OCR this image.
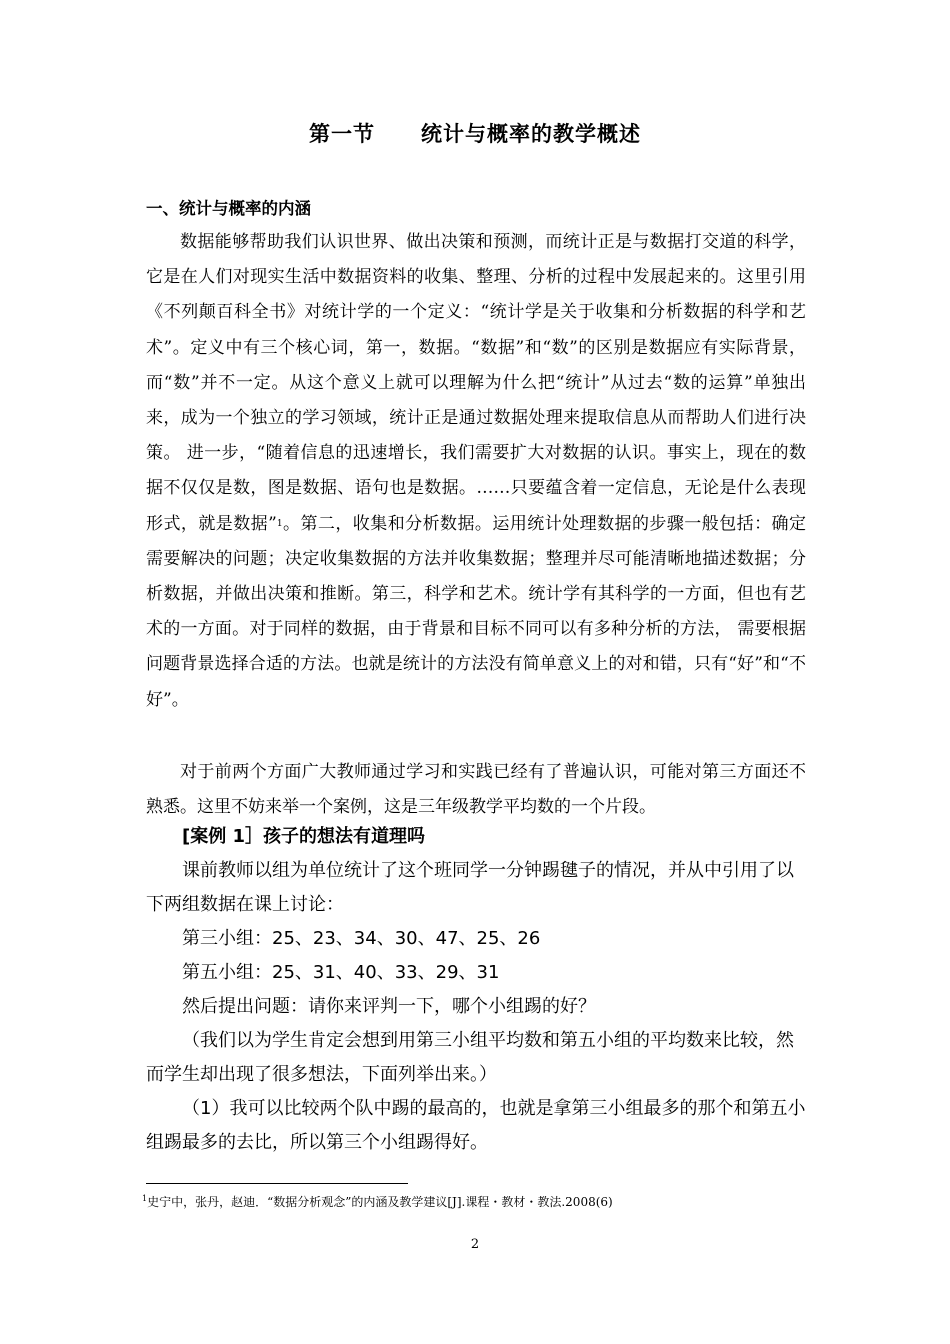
第一节 统计与概率的教学概述
一、统计与概率的内涵

数据能够帮助我们认识世界、做出决策和预测，而统计正是与数据打交道的科学，它是在人们对现实生活中数据资料的收集、整理、分析的过程中发展起来的。这里引用《不列颠百科全书》对统计学的一个定义：“统计学是关于收集和分析数据的科学和艺术”。定义中有三个核心词，第一，数据。“数据”和“数”的区别是数据应有实际背景，而“数”并不一定。从这个意义上就可以理解为什么把“统计”从过去“数的运算”单独出来，成为一个独立的学习领域，统计正是通过数据处理来提取信息从而帮助人们进行决策。 进一步，“随着信息的迅速增长，我们需要扩大对数据的认识。事实上，现在的数据不仅仅是数，图是数据、语句也是数据。……只要蕴含着一定信息，无论是什么表现形式，就是数据”$^1$。第二，收集和分析数据。运用统计处理数据的步骤一般包括：确定需要解决的问题；决定收集数据的方法并收集数据；整理并尽可能清晰地描述数据；分析数据，并做出决策和推断。第三，科学和艺术。统计学有其科学的一方面，但也有艺术的一方面。对于同样的数据，由于背景和目标不同可以有多种分析的方法， 需要根据问题背景选择合适的方法。也就是统计的方法没有简单意义上的对和错，只有“好”和“不好”。

对于前两个方面广大教师通过学习和实践已经有了普遍认识，可能对第三方面还不熟悉。这里不妨来举一个案例，这是三年级教学平均数的一个片段。

[案例 1］孩子的想法有道理吗

课前教师以组为单位统计了这个班同学一分钟踢毽子的情况，并从中引用了以下两组数据在课上讨论：

第三小组：25、23、34、30、47、25、26

第五小组：25、31、40、33、29、31

然后提出问题：请你来评判一下，哪个小组踢的好？

（我们以为学生肯定会想到用第三小组平均数和第五小组的平均数来比较，然而学生却出现了很多想法，下面列举出来。）

（1）我可以比较两个队中踢的最高的，也就是拿第三小组最多的那个和第五小组踢最多的去比，所以第三个小组踢得好。

$^1$史宁中，张丹，赵迪．“数据分析观念”的内涵及教学建议[J].课程・教材・教法.2008(6)
2
